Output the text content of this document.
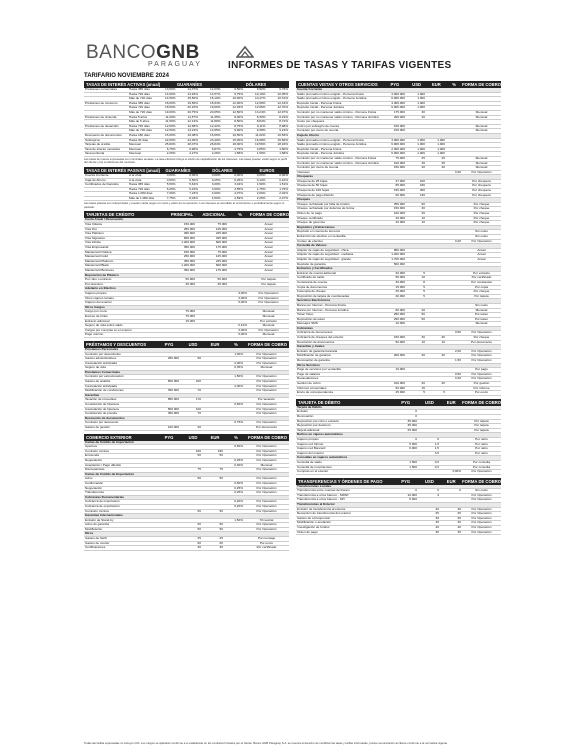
BANCOGNB
PARAGUAY	INFORMES DE TASAS Y TARIFAS VIGENTES
TARIFARIO NOVIEMBRE 2024
TASAS DE INTERÉS ACTIVAS (anual)	GUARANÍES	DÓLARES
Préstamos comerciales	Hasta 365 días	13,50%	14,37%	14,03%	9,50%	9,92%	9,78%
	Hasta 720 días	14,00%	14,93%	14,57%	9,75%	10,19%	10,05%
	Más de 720 días	14,50%	15,50%	15,10%	10,00%	10,47%	10,31%
Préstamos de consumo	Hasta 365 días	18,00%	19,56%	18,94%	12,00%	12,68%	12,44%
	Hasta 720 días	18,50%	20,15%	19,50%	12,25%	12,96%	12,70%
	Más de 720 días	19,00%	20,75%	20,05%	12,50%	13,24%	12,97%
Préstamos de vivienda	Hasta 5 años	11,00%	11,57%	11,35%	8,00%	8,30%	8,19%
	Más de 5 años	11,50%	12,13%	11,89%	8,50%	8,84%	8,72%
Préstamos de desarrollo	Hasta 720 días	12,00%	12,68%	12,42%	8,75%	9,11%	8,98%
	Más de 720 días	12,50%	13,24%	12,95%	9,00%	9,38%	9,24%
Descuento de documentos	Hasta 180 días	15,00%	16,08%	15,66%	10,50%	11,02%	10,83%
Sobregiros	Hasta 30 días	22,00%	24,36%	23,40%	15,00%	16,08%	15,66%
Tarjetas de crédito	Mensual	25,00%	28,07%	26,84%	18,00%	19,56%	18,94%
Tasa de interés moratoria	Mensual	6,75%	6,96%	6,87%	4,75%	4,85%	4,80%
Tasa punitoria	Mensual	2,25%	2,27%	2,26%	1,58%	1,59%	1,58%
Las tasas de interés expresadas son nominales anuales. La tasa efectiva incluye el efecto de capitalización de los intereses. Las tasas pueden variar según el perfil del cliente y las condiciones del mercado.
TASAS DE INTERÉS PASIVAS (anual)	GUARANÍES	DÓLARES	EUROS
Cuenta Corriente	A la vista	0,00%	0,00%	0,00%	0,00%	0,00%	0,00%
Caja de Ahorro	A la vista	0,50%	0,50%	0,25%	0,25%	0,10%	0,10%
Certificados de Depósito	Hasta 365 días	5,50%	5,64%	3,00%	3,04%	1,50%	1,51%
	Hasta 720 días	6,25%	6,43%	3,50%	3,55%	1,75%	1,76%
	Hasta 1.080 días	7,00%	7,23%	4,00%	4,07%	2,00%	2,02%
	Más de 1.080 días	7,75%	8,03%	4,50%	4,59%	2,25%	2,27%
Las tasas pasivas son referenciales y pueden variar según el monto y plazo de la operación. Los intereses se acreditan al vencimiento o periódicamente según lo pactado.
TARJETAS DE CRÉDITO	PRINCIPAL	ADICIONAL	%	FORMA DE COBRO
Cuota Anual / Renovación				
Visa Clásica	150.000	75.000		Anual
Visa Oro	250.000	125.000		Anual
Visa Platinum	450.000	225.000		Anual
Visa Signature	650.000	325.000		Anual
Visa Infinite	1.200.000	600.000		Anual
Visa Empresarial	350.000	175.000		Anual
Mastercard Clásica	150.000	75.000		Anual
Mastercard Gold	250.000	125.000		Anual
Mastercard Platinum	450.000	225.000		Anual
Mastercard Black	1.200.000	600.000		Anual
Mastercard Business	350.000	175.000		Anual
Reposición de Plástico				
Por robo o extravío	50.000	50.000		Por tarjeta
Por deterioro	35.000	35.000		Por tarjeta
Adelanto en Efectivo				
Cajeros propios			3,00%	Por Operación
Otros cajeros locales			4,00%	Por Operación
Cajeros del exterior			5,00%	Por Operación
Otros Cargos				
Cargo por mora	75.000			Mensual
Exceso de límite	75.000			Mensual
Extracto adicional	15.000			Por extracto
Seguro de vida sobre saldo			0,12%	Mensual
Cargos por compras en el exterior			3,00%	Por Operación
Pago mínimo			5,00%	Mensual
PRÉSTAMOS Y DESCUENTOS	PYG	USD	EUR	%	FORMA DE COBRO
Préstamos Personales					
Comisión por desembolso				1,00%	Por Operación
Gastos administrativos	250.000	50			Por Operación
Cancelación anticipada				2,00%	Por Operación
Seguro de vida				0,35%	Mensual
Préstamos Comerciales					
Comisión por estructuración				1,50%	Por Operación
Gastos de análisis	500.000	100			Por Operación
Cancelación anticipada				2,00%	Por Operación
Modificación de condiciones	350.000	70			Por Operación
Garantías					
Tasación de inmuebles	850.000	170			Por tasación
Constitución de hipoteca				0,50%	Por Operación
Cancelación de hipoteca	500.000	100			Por Operación
Constitución de prenda	350.000	70			Por Operación
Descuento de documentos					
Comisión por descuento				0,75%	Por Operación
Gastos de gestión	100.000	20			Por documento
COMERCIO EXTERIOR	PYG	USD	EUR	%	FORMA DE COBRO
Cartas de Crédito de Importación					
Apertura				0,50%	Por Operación
Comisión mínima		150	150		Por Operación
Enmienda		50	50		Por Operación
Negociación				0,25%	Por Operación
Aceptación / Pago diferido				0,30%	Mensual
Discrepancias		75	75		Por Operación
Cartas de Crédito de Exportación					
Aviso		50	50		Por Operación
Confirmación				0,50%	Por Operación
Negociación				0,25%	Por Operación
Transferencia				0,25%	Por Operación
Cobranzas Documentarias					
Cobranza de importación				0,20%	Por Operación
Cobranza de exportación				0,20%	Por Operación
Comisión mínima		50	50		Por Operación
Garantías Internacionales					
Emisión de Stand-by				1,50%	Trimestral
Aviso de garantía		50	50		Por Operación
Modificación		50	50		Por Operación
Otros					
Gastos de Swift		25	25		Por mensaje
Gastos de courier		60	60		Por envío
Certificaciones		30	30		Por certificado
CUENTAS VISTAS Y OTROS SERVICIOS	PYG	USD	EUR	%	FORMA DE COBRO
Cuenta Corriente					
Saldo promedio mínimo exigido - Persona Física	4.000.000	1.000			
Saldo promedio mínimo exigido - Persona Jurídica	6.000.000	1.000			
Depósito Inicial - Persona Física	4.000.000	1.000			
Depósito Inicial - Persona Jurídica	6.000.000	1.000			
Comisión por no mantener saldo mínimo - Persona Física	175.000	30			Mensual
Comisión por no mantener saldo mínimo - Persona Jurídica	200.000	40			Mensual
Costo por chequera					
Cobro por sobregiro de cuenta	150.000				Mensual
Comisión por cierre de cuenta	150.000				Mensual
Caja de Ahorro					
Saldo promedio mínimo exigido - Persona Física	3.000.000	1.000	1.000		
Saldo promedio mínimo exigido - Persona Jurídica	6.000.000	1.000	1.000		
Depósito Inicial - Persona Física	2.000.000	1.000	1.000		
Depósito Inicial - Persona Jurídica	6.000.000	1.000	1.000		
Comisión por no mantener saldo mínimo - Persona Física	75.000	25	25		Mensual
Comisión por no mantener saldo mínimo - Persona Jurídica	100.000	35	35		Mensual
Comisión por cierre de cuenta	150.000	40	40		Mensual
Intereses				0,20	Por Operación
Chequeras					
Chequera de 25 hojas	47.000	100			Por chequera
Chequera de 50 hojas	85.000	180			Por chequera
Chequera de 100 hojas	150.000	300			Por chequera
Chequera de pago diferido	60.000	130			Por chequera
Cheques					
Cheque rechazado por falta de fondos	250.000	60			Por cheque
Cheque rechazado por defectos de forma	150.000	30			Por cheque
Orden de no pago	100.000	25			Por cheque
Cheque certificado	40.000	10			Por cheque
Cheque de gerencia	40.000	10			Por cheque
Depósitos y Extracciones					
Depósito en cuenta de terceros					Sin costo
Extracción de efectivo en ventanilla					Sin costo
Conteo de efectivo				0,20	Por Operación
Custodia de Valores					
Alquiler de cajas de seguridad - chica	850.000				Anual
Alquiler de cajas de seguridad - mediana	1.200.000				Anual
Alquiler de cajas de seguridad - grande	1.700.000				Anual
Depósito de garantía	500.000				
Extractos y Certificados					
Extracto de cuenta adicional	20.000	5			Por extracto
Certificado de saldo	50.000	10			Por certificado
Constancia de cuenta	30.000	8			Por constancia
Copia de documentos	15.000	5			Por copia
Fotocopia de cheque	25.000	5			Por cheque
Reposición de tarjeta de coordenadas	20.000	5			Por tarjeta
Servicios Electrónicos					
Banca por Internet - Persona Física					Sin costo
Banca por Internet - Persona Jurídica	80.000	20			Mensual
Token físico	250.000	50			Por token
Reposición de token	250.000	50			Por token
Mensajes SMS	10.000				Mensual
Cobranzas					
Cobranza de documentos				0,50	Por Operación
Cobranza de cheques del exterior	150.000	30	30		Por cheque
Devolución de documentos	50.000	10	10		Por documento
Garantías y Avales					
Emisión de garantía bancaria				2,00	Por Operación
Modificación de garantía	200.000	40	40		Por Operación
Renovación de garantía				1,50	Por Operación
Otros Servicios					
Pago de servicios por ventanilla	10.000				Por pago
Pago de salarios				0,50	Por Operación
Recaudaciones				0,30	Por Operación
Gestión de cobro	100.000	20	20		Por gestión
Informes comerciales	60.000	15			Por informe
Envío de correspondencia	25.000	5	5		Por envío
TARJETA DE DÉBITO	PYG	USD	EUR	FORMA DE COBRO
Tarjeta de Débito				
Emisión	0			
Renovación	0			
Reposición por robo o extravío	35.000			Por tarjeta
Reposición por deterioro	35.000			Por tarjeta
Tarjeta adicional	25.000			Por tarjeta
Retiros en cajeros automáticos				
Cajeros propios	0	0		Por retiro
Cajeros red Infonet	5.000	1,5		Por retiro
Cajeros red Bancard	6.000	1,5		Por retiro
Cajeros del exterior		3,5		Por retiro
Consultas en cajeros automáticos				
Consulta de saldo	1.500	0,5		Por consulta
Consulta de movimientos	1.500	0,5		Por consulta
Compras en el exterior			3,00%	Por Operación
TRANSFERENCIAS Y ÓRDENES DE PAGO	PYG	USD	EUR	FORMA DE COBRO
Transferencias Locales				
Transferencia entre cuentas del banco	0	0	0	Sin costo
Transferencia a otros bancos - SIPAP	10.000	3		Por Operación
Transferencia a otros bancos - SPI	5.000			Por Operación
Transferencias al Exterior				
Emisión de transferencia al exterior		40	40	Por Operación
Recepción de transferencia del exterior		25	25	Por Operación
Gastos de corresponsal		30	30	Por Operación
Modificación o anulación		30	30	Por Operación
Investigación de fondos		40	40	Por Operación
Orden de pago		35	35	Por Operación
Todas las tarifas expresadas no incluyen IVA. Los cargos se aplicarán conforme a lo establecido en los contratos firmados por el cliente. Banco GNB Paraguay S.A. se reserva el derecho de modificar las tasas y tarifas informadas, previa comunicación al cliente conforme a la normativa vigente.
